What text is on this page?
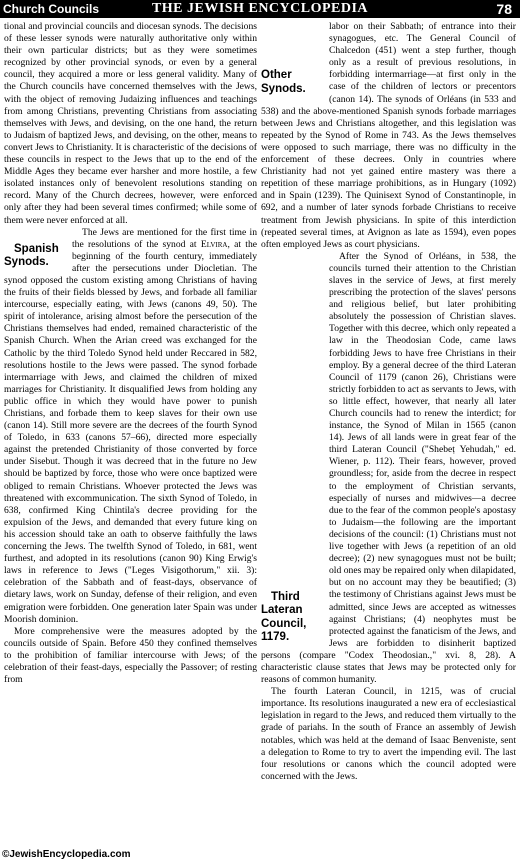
Church Councils	THE JEWISH ENCYCLOPEDIA	78

tional and provincial councils and diocesan synods. The decisions of these lesser synods were naturally authoritative only within their own particular districts; but as they were sometimes recognized by other provincial synods, or even by a general council, they acquired a more or less general validity. Many of the Church councils have concerned themselves with the Jews, with the object of removing Judaizing influences and teachings from among Christians, preventing Christians from associating themselves with Jews, and devising, on the one hand, the return to Judaism of baptized Jews, and devising, on the other, means to convert Jews to Christianity. It is characteristic of the decisions of these councils in respect to the Jews that up to the end of the Middle Ages they became ever harsher and more hostile, a few isolated instances only of benevolent resolutions standing on record. Many of the Church decrees, however, were enforced only after they had been several times confirmed; while some of them were never enforced at all.

Spanish Synods.
The Jews are mentioned for the first time in the resolutions of the synod at Elvira, at the beginning of the fourth century, immediately after the persecutions under Diocletian. The synod opposed the custom existing among Christians of having the fruits of their fields blessed by Jews, and forbade all familiar intercourse, especially eating, with Jews (canons 49, 50). The spirit of intolerance, arising almost before the persecution of the Christians themselves had ended, remained characteristic of the Spanish Church. When the Arian creed was exchanged for the Catholic by the third Toledo Synod held under Reccared in 582, resolutions hostile to the Jews were passed. The synod forbade intermarriage with Jews, and claimed the children of mixed marriages for Christianity. It disqualified Jews from holding any public office in which they would have power to punish Christians, and forbade them to keep slaves for their own use (canon 14). Still more severe are the decrees of the fourth Synod of Toledo, in 633 (canons 57–66), directed more especially against the pretended Christianity of those converted by force under Sisebut. Though it was decreed that in the future no Jew should be baptized by force, those who were once baptized were obliged to remain Christians. Whoever protected the Jews was threatened with excommunication. The sixth Synod of Toledo, in 638, confirmed King Chintila's decree providing for the expulsion of the Jews, and demanded that every future king on his accession should take an oath to observe faithfully the laws concerning the Jews. The twelfth Synod of Toledo, in 681, went furthest, and adopted in its resolutions (canon 90) King Erwig's laws in reference to Jews ("Leges Visigothorum," xii. 3): celebration of the Sabbath and of feast-days, observance of dietary laws, work on Sunday, defense of their religion, and even emigration were forbidden. One generation later Spain was under Moorish dominion.

More comprehensive were the measures adopted by the councils outside of Spain. Before 450 they confined themselves to the prohibition of familiar intercourse with Jews; of the celebration of their feast-days, especially the Passover; of resting from

Other Synods.
labor on their Sabbath; of entrance into their synagogues, etc. The General Council of Chalcedon (451) went a step further, though only as a result of previous resolutions, in forbidding intermarriage—at first only in the case of the children of lectors or precentors (canon 14). The synods of Orléans (in 533 and 538) and the above-mentioned Spanish synods forbade marriages between Jews and Christians altogether, and this legislation was repeated by the Synod of Rome in 743. As the Jews themselves were opposed to such marriage, there was no difficulty in the enforcement of these decrees. Only in countries where Christianity had not yet gained entire mastery was there a repetition of these marriage prohibitions, as in Hungary (1092) and in Spain (1239). The Quinisext Synod of Constantinople, in 692, and a number of later synods forbade Christians to receive treatment from Jewish physicians. In spite of this interdiction (repeated several times, at Avignon as late as 1594), even popes often employed Jews as court physicians.

Third Lateran Council, 1179.
After the Synod of Orléans, in 538, the councils turned their attention to the Christian slaves in the service of Jews, at first merely prescribing the protection of the slaves' persons and religious belief, but later prohibiting absolutely the possession of Christian slaves. Together with this decree, which only repeated a law in the Theodosian Code, came laws forbidding Jews to have free Christians in their employ. By a general decree of the third Lateran Council of 1179 (canon 26), Christians were strictly forbidden to act as servants to Jews, with so little effect, however, that nearly all later Church councils had to renew the interdict; for instance, the Synod of Milan in 1565 (canon 14). Jews of all lands were in great fear of the third Lateran Council ("Shebeṭ Yehudah," ed. Wiener, p. 112). Their fears, however, proved groundless; for, aside from the decree in respect to the employment of Christian servants, especially of nurses and midwives—a decree due to the fear of the common people's apostasy to Judaism—the following are the important decisions of the council: (1) Christians must not live together with Jews (a repetition of an old decree); (2) new synagogues must not be built; old ones may be repaired only when dilapidated, but on no account may they be beautified; (3) the testimony of Christians against Jews must be admitted, since Jews are accepted as witnesses against Christians; (4) neophytes must be protected against the fanaticism of the Jews, and Jews are forbidden to disinherit baptized persons (compare "Codex Theodosian.," xvi. 8, 28). A characteristic clause states that Jews may be protected only for reasons of common humanity.

The fourth Lateran Council, in 1215, was of crucial importance. Its resolutions inaugurated a new era of ecclesiastical legislation in regard to the Jews, and reduced them virtually to the grade of pariahs. In the south of France an assembly of Jewish notables, which was held at the demand of Isaac Benveniste, sent a delegation to Rome to try to avert the impending evil. The last four resolutions or canons which the council adopted were concerned with the Jews.

©JewishEncyclopedia.com
